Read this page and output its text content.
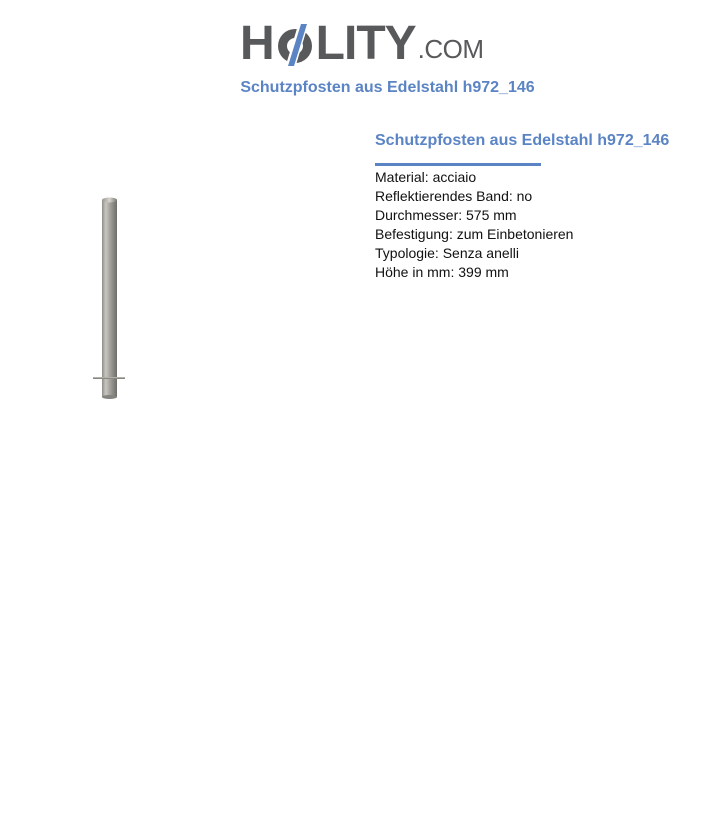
H LITY .COM
Schutzpfosten aus Edelstahl h972_146
Schutzpfosten aus Edelstahl h972_146
Material: acciaio
Reflektierendes Band: no
Durchmesser: 575 mm
Befestigung: zum Einbetonieren
Typologie: Senza anelli
Höhe in mm: 399 mm
